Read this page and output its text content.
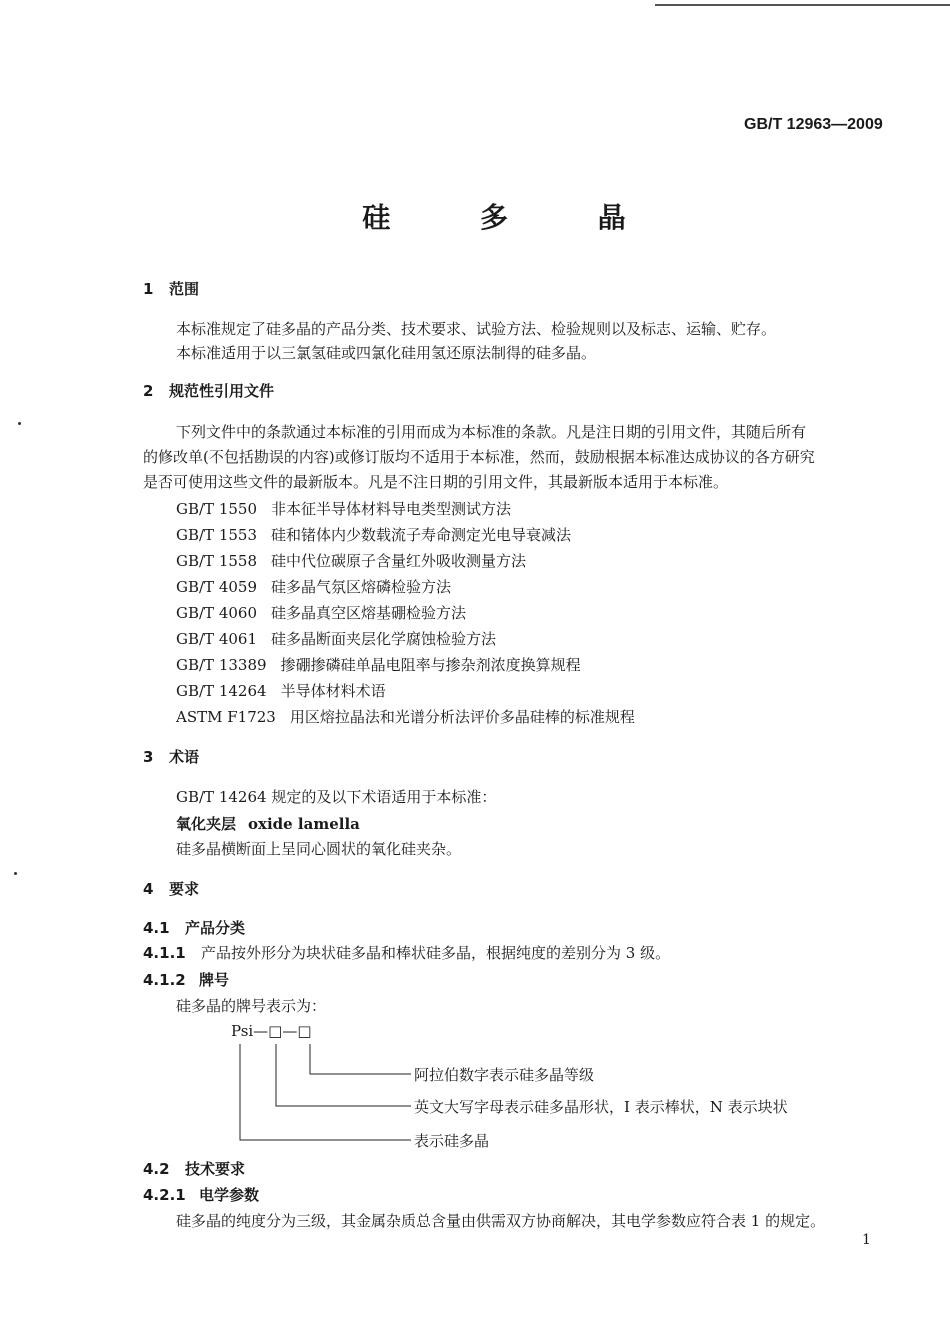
GB/T 12963—2009
硅 多 晶
1 范围
本标准规定了硅多晶的产品分类、技术要求、试验方法、检验规则以及标志、运输、贮存。
本标准适用于以三氯氢硅或四氯化硅用氢还原法制得的硅多晶。
2 规范性引用文件
下列文件中的条款通过本标准的引用而成为本标准的条款。凡是注日期的引用文件，其随后所有
的修改单(不包括勘误的内容)或修订版均不适用于本标准，然而，鼓励根据本标准达成协议的各方研究
是否可使用这些文件的最新版本。凡是不注日期的引用文件，其最新版本适用于本标准。
GB/T 1550 非本征半导体材料导电类型测试方法
GB/T 1553 硅和锗体内少数载流子寿命测定光电导衰减法
GB/T 1558 硅中代位碳原子含量红外吸收测量方法
GB/T 4059 硅多晶气氛区熔磷检验方法
GB/T 4060 硅多晶真空区熔基硼检验方法
GB/T 4061 硅多晶断面夹层化学腐蚀检验方法
GB/T 13389 掺硼掺磷硅单晶电阻率与掺杂剂浓度换算规程
GB/T 14264 半导体材料术语
ASTM F1723 用区熔拉晶法和光谱分析法评价多晶硅棒的标准规程
3 术语
GB/T 14264 规定的及以下术语适用于本标准：
氧化夹层 oxide lamella
硅多晶横断面上呈同心圆状的氧化硅夹杂。
4 要求
4.1 产品分类
4.1.1 产品按外形分为块状硅多晶和棒状硅多晶，根据纯度的差别分为 3 级。
4.1.2 牌号
硅多晶的牌号表示为：
Psi—□—□
阿拉伯数字表示硅多晶等级
英文大写字母表示硅多晶形状，I 表示棒状，N 表示块状
表示硅多晶
4.2 技术要求
4.2.1 电学参数
硅多晶的纯度分为三级，其金属杂质总含量由供需双方协商解决，其电学参数应符合表 1 的规定。
1
